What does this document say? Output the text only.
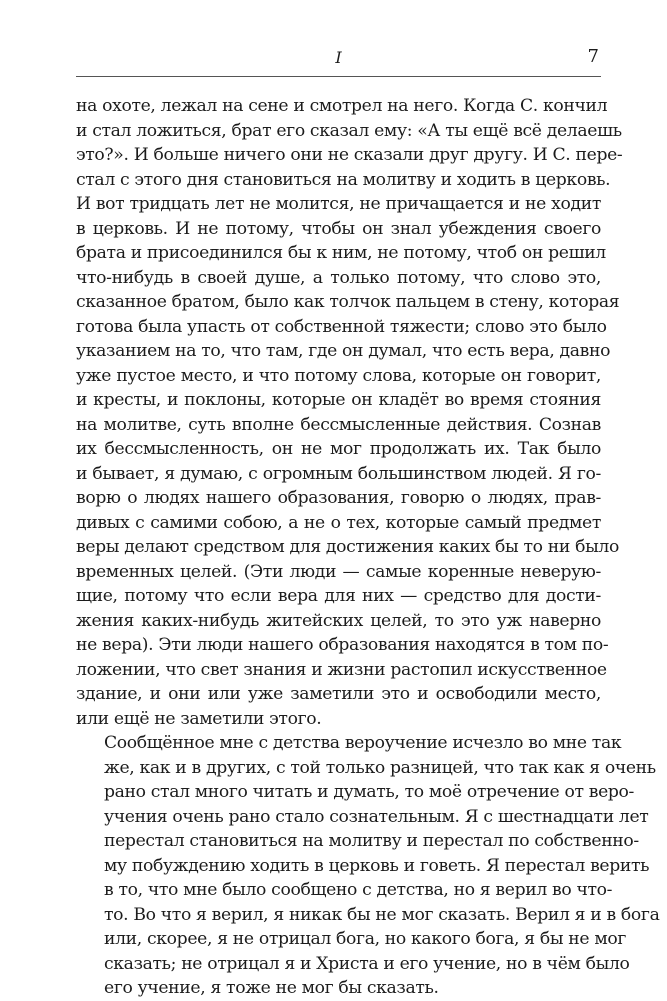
I	7
на охоте, лежал на сене и смотрел на него. Когда С. кончил
и стал ложиться, брат его сказал ему: «А ты ещё всё делаешь
это?». И больше ничего они не сказали друг другу. И С. пере-
стал с этого дня становиться на молитву и ходить в церковь.
И вот тридцать лет не молится, не причащается и не ходит
в церковь. И не потому, чтобы он знал убеждения своего
брата и присоединился бы к ним, не потому, чтоб он решил
что-нибудь в своей душе, а только потому, что слово это,
сказанное братом, было как толчок пальцем в стену, которая
готова была упасть от собственной тяжести; слово это было
указанием на то, что там, где он думал, что есть вера, давно
уже пустое место, и что потому слова, которые он говорит,
и кресты, и поклоны, которые он кладёт во время стояния
на молитве, суть вполне бессмысленные действия. Сознав
их бессмысленность, он не мог продолжать их. Так было
и бывает, я думаю, с огромным большинством людей. Я го-
ворю о людях нашего образования, говорю о людях, прав-
дивых с самими собою, а не о тех, которые самый предмет
веры делают средством для достижения каких бы то ни было
временных целей. (Эти люди — самые коренные неверую-
щие, потому что если вера для них — средство для дости-
жения каких-нибудь житейских целей, то это уж наверно
не вера). Эти люди нашего образования находятся в том по-
ложении, что свет знания и жизни растопил искусственное
здание, и они или уже заметили это и освободили место,
или ещё не заметили этого.
Сообщённое мне с детства вероучение исчезло во мне так
же, как и в других, с той только разницей, что так как я очень
рано стал много читать и думать, то моё отречение от веро-
учения очень рано стало сознательным. Я с шестнадцати лет
перестал становиться на молитву и перестал по собственно-
му побуждению ходить в церковь и говеть. Я перестал верить
в то, что мне было сообщено с детства, но я верил во что-
то. Во что я верил, я никак бы не мог сказать. Верил я и в бога
или, скорее, я не отрицал бога, но какого бога, я бы не мог
сказать; не отрицал я и Христа и его учение, но в чём было
его учение, я тоже не мог бы сказать.
